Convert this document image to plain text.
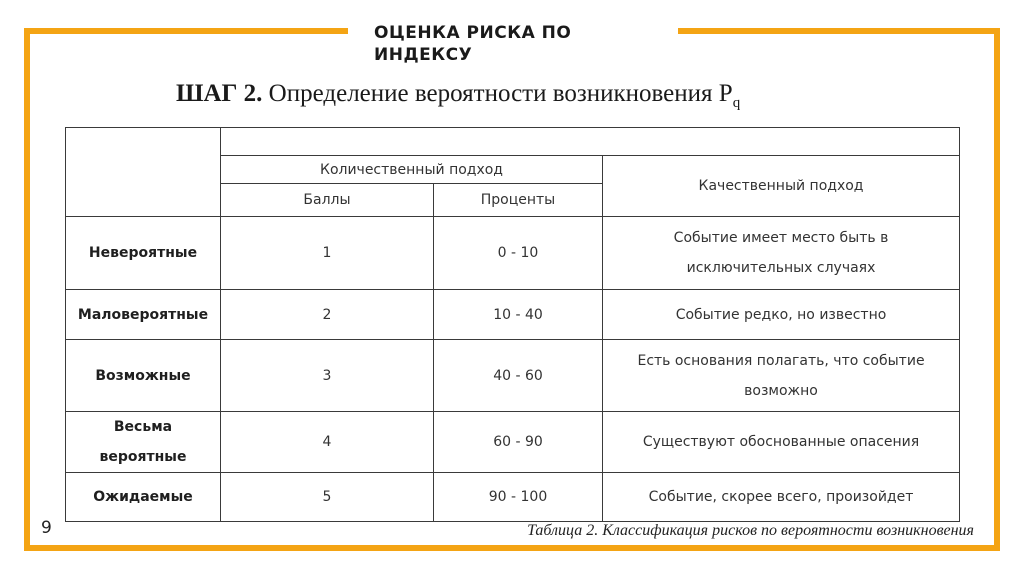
ОЦЕНКА РИСКА ПО ИНДЕКСУ
ШАГ 2. Определение вероятности возникновения $P_q$

	Количественный подход		Качественный подход
	Баллы	Проценты	
Невероятные	1	0 - 10	Событие имеет место быть в исключительных случаях
Маловероятные	2	10 - 40	Событие редко, но известно
Возможные	3	40 - 60	Есть основания полагать, что событие возможно
Весьма вероятные	4	60 - 90	Существуют обоснованные опасения
Ожидаемые	5	90 - 100	Событие, скорее всего, произойдет
9	Таблица 2. Классификация рисков по вероятности возникновения
